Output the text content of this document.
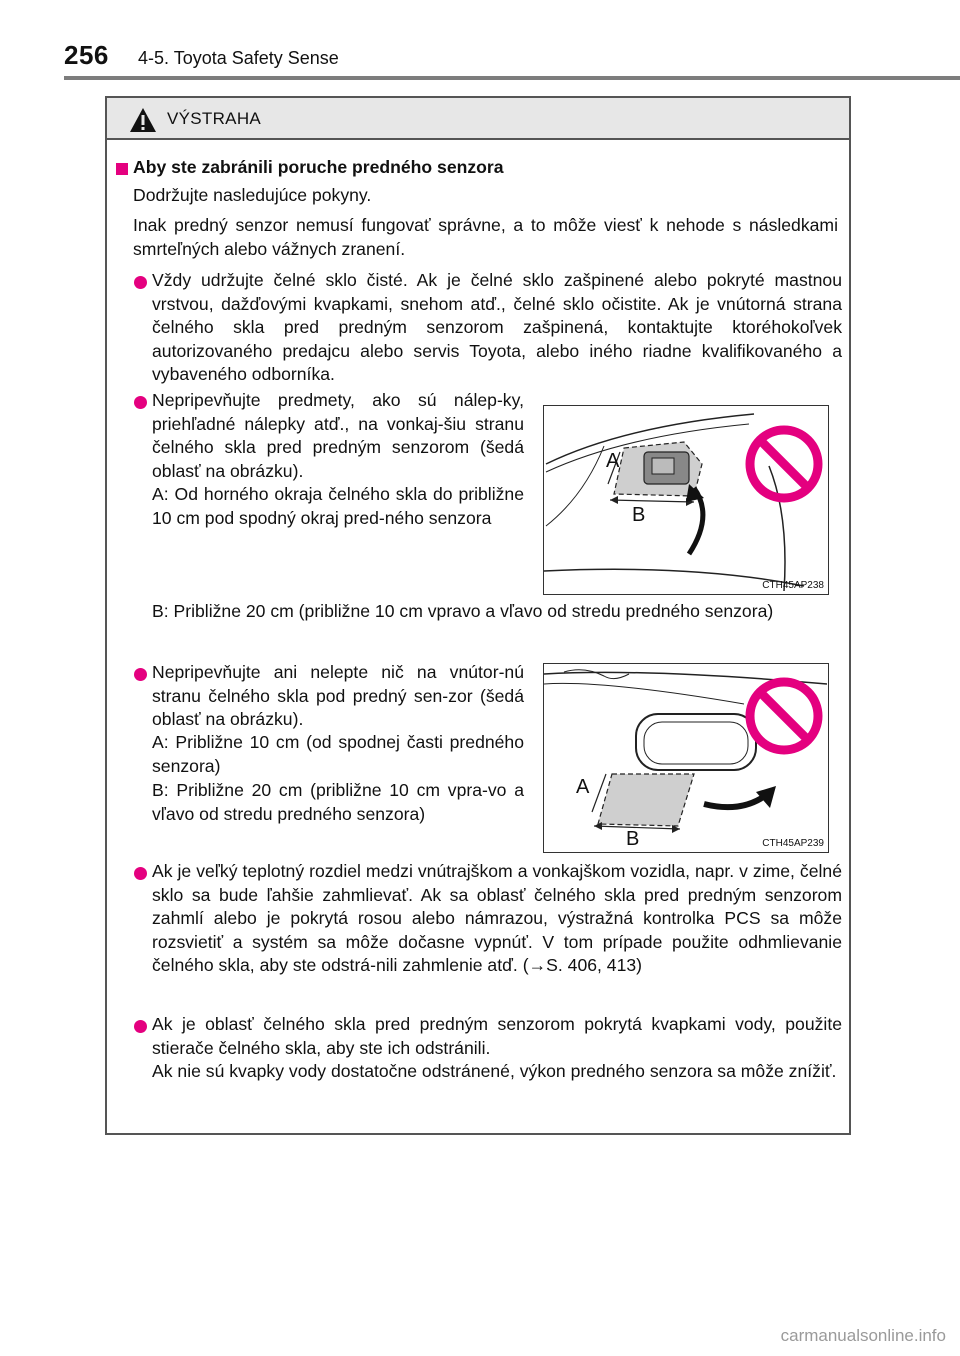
256 4-5. Toyota Safety Sense
VÝSTRAHA
Aby ste zabránili poruche predného senzora
Dodržujte nasledujúce pokyny.
Inak predný senzor nemusí fungovať správne, a to môže viesť k nehode s následkami smrteľných alebo vážnych zranení.
Vždy udržujte čelné sklo čisté. Ak je čelné sklo zašpinené alebo pokryté mastnou vrstvou, dažďovými kvapkami, snehom atď., čelné sklo očistite. Ak je vnútorná strana čelného skla pred predným senzorom zašpinená, kontaktujte ktoréhokoľvek autorizovaného predajcu alebo servis Toyota, alebo iného riadne kvalifikovaného a vybaveného odborníka.
Nepripevňujte predmety, ako sú nálep-ky, priehľadné nálepky atď., na vonkaj-šiu stranu čelného skla pred predným senzorom (šedá oblasť na obrázku).
A: Od horného okraja čelného skla do približne 10 cm pod spodný okraj pred-ného senzora
B: Približne 20 cm (približne 10 cm vpravo a vľavo od stredu predného senzora)
A
B
CTH45AP238
Nepripevňujte ani nelepte nič na vnútor-nú stranu čelného skla pod predný sen-zor (šedá oblasť na obrázku).
A: Približne 10 cm (od spodnej časti predného senzora)
B: Približne 20 cm (približne 10 cm vpra-vo a vľavo od stredu predného senzora)
A
B	CTH45AP239
Ak je veľký teplotný rozdiel medzi vnútrajškom a vonkajškom vozidla, napr. v zime, čelné sklo sa bude ľahšie zahmlievať. Ak sa oblasť čelného skla pred predným senzorom zahmlí alebo je pokrytá rosou alebo námrazou, výstražná kontrolka PCS sa môže rozsvietiť a systém sa môže dočasne vypnúť. V tom prípade použite odhmlievanie čelného skla, aby ste odstrá-nili zahmlenie atď. (→S. 406, 413)
Ak je oblasť čelného skla pred predným senzorom pokrytá kvapkami vody, použite stierače čelného skla, aby ste ich odstránili.
Ak nie sú kvapky vody dostatočne odstránené, výkon predného senzora sa môže znížiť.
carmanualsonline.info
